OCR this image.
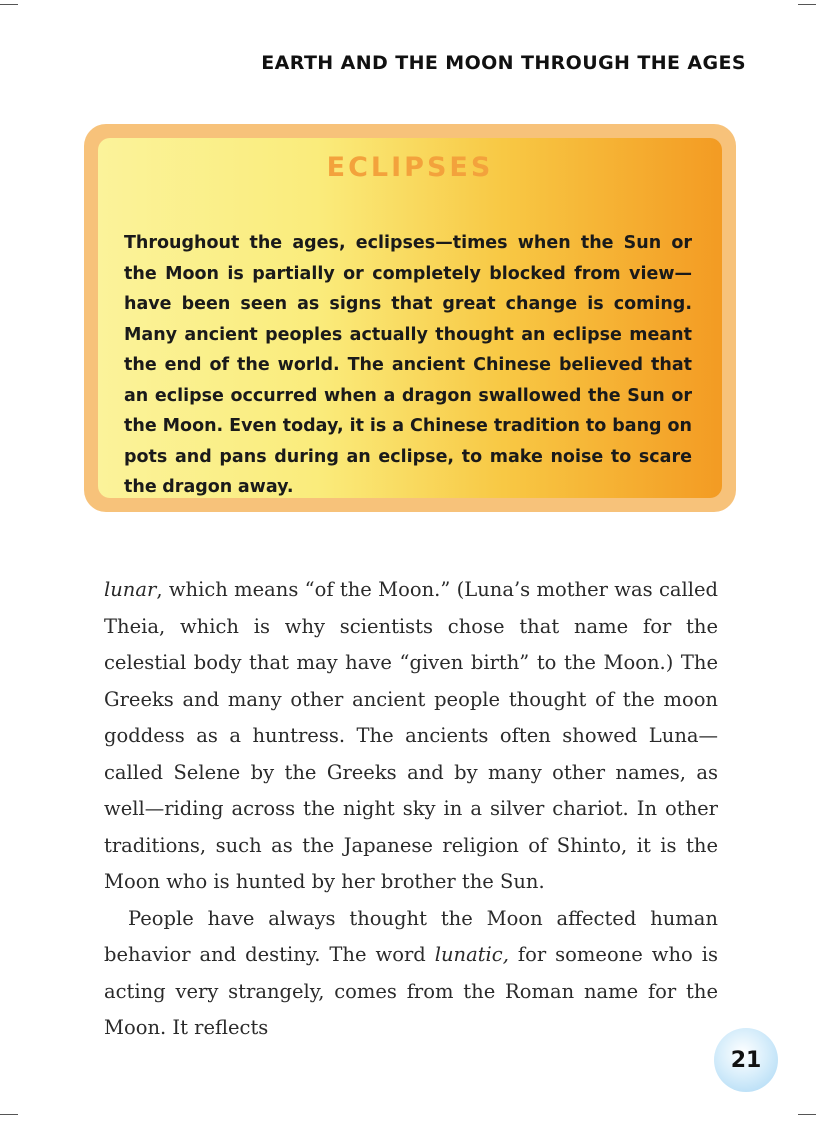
EARTH AND THE MOON THROUGH THE AGES
ECLIPSES

Throughout the ages, eclipses—times when the Sun or the Moon is partially or completely blocked from view—have been seen as signs that great change is coming. Many ancient peoples actually thought an eclipse meant the end of the world. The ancient Chinese believed that an eclipse occurred when a dragon swallowed the Sun or the Moon. Even today, it is a Chinese tradition to bang on pots and pans during an eclipse, to make noise to scare the dragon away.

lunar, which means “of the Moon.” (Luna’s mother was called Theia, which is why scientists chose that name for the celestial body that may have “given birth” to the Moon.) The Greeks and many other ancient people thought of the moon goddess as a huntress. The ancients often showed Luna—called Selene by the Greeks and by many other names, as well—riding across the night sky in a silver chariot. In other traditions, such as the Japanese religion of Shinto, it is the Moon who is hunted by her brother the Sun.

People have always thought the Moon affected human behavior and destiny. The word lunatic, for someone who is acting very strangely, comes from the Roman name for the Moon. It reflects

21
